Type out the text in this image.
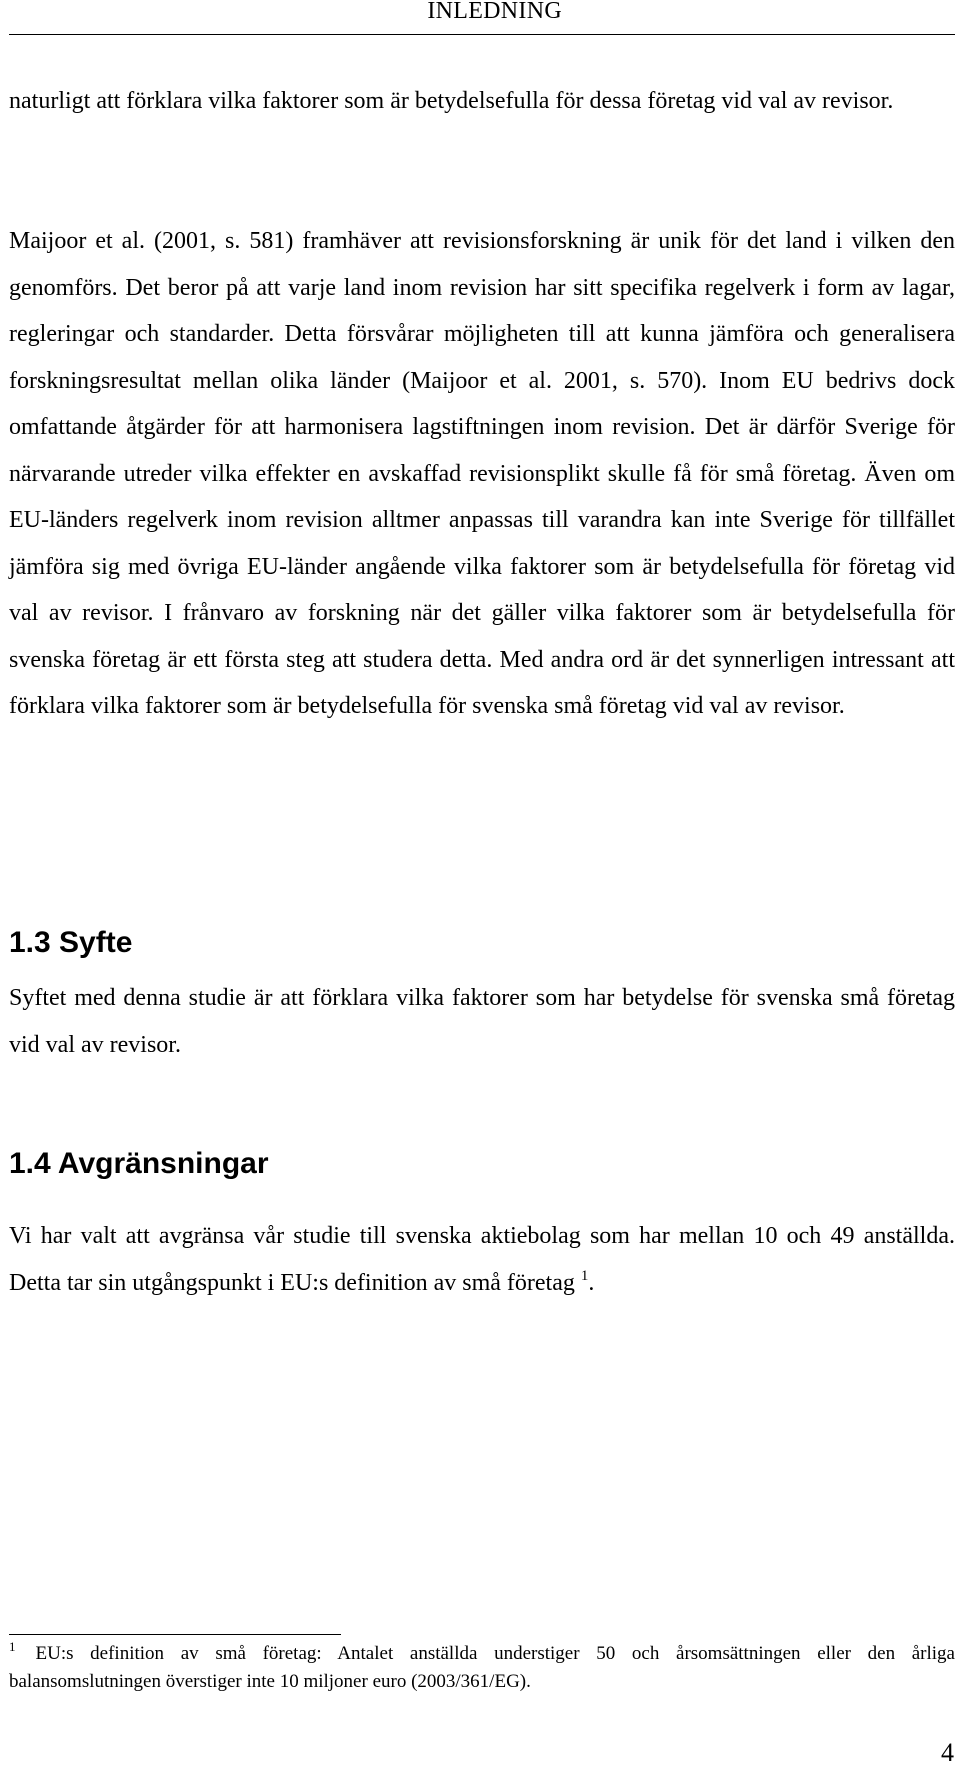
INLEDNING

naturligt att förklara vilka faktorer som är betydelsefulla för dessa företag vid val av revisor.

Maijoor et al. (2001, s. 581) framhäver att revisionsforskning är unik för det land i vilken den genomförs. Det beror på att varje land inom revision har sitt specifika regelverk i form av lagar, regleringar och standarder. Detta försvårar möjligheten till att kunna jämföra och generalisera forskningsresultat mellan olika länder (Maijoor et al. 2001, s. 570). Inom EU bedrivs dock omfattande åtgärder för att harmonisera lagstiftningen inom revision. Det är därför Sverige för närvarande utreder vilka effekter en avskaffad revisionsplikt skulle få för små företag. Även om EU-länders regelverk inom revision alltmer anpassas till varandra kan inte Sverige för tillfället jämföra sig med övriga EU-länder angående vilka faktorer som är betydelsefulla för företag vid val av revisor. I frånvaro av forskning när det gäller vilka faktorer som är betydelsefulla för svenska företag är ett första steg att studera detta. Med andra ord är det synnerligen intressant att förklara vilka faktorer som är betydelsefulla för svenska små företag vid val av revisor.

1.3 Syfte

Syftet med denna studie är att förklara vilka faktorer som har betydelse för svenska små företag vid val av revisor.

1.4 Avgränsningar

Vi har valt att avgränsa vår studie till svenska aktiebolag som har mellan 10 och 49 anställda. Detta tar sin utgångspunkt i EU:s definition av små företag $^1$.

$^1$ EU:s definition av små företag: Antalet anställda understiger 50 och årsomsättningen eller den årliga balansomslutningen överstiger inte 10 miljoner euro (2003/361/EG).

4
